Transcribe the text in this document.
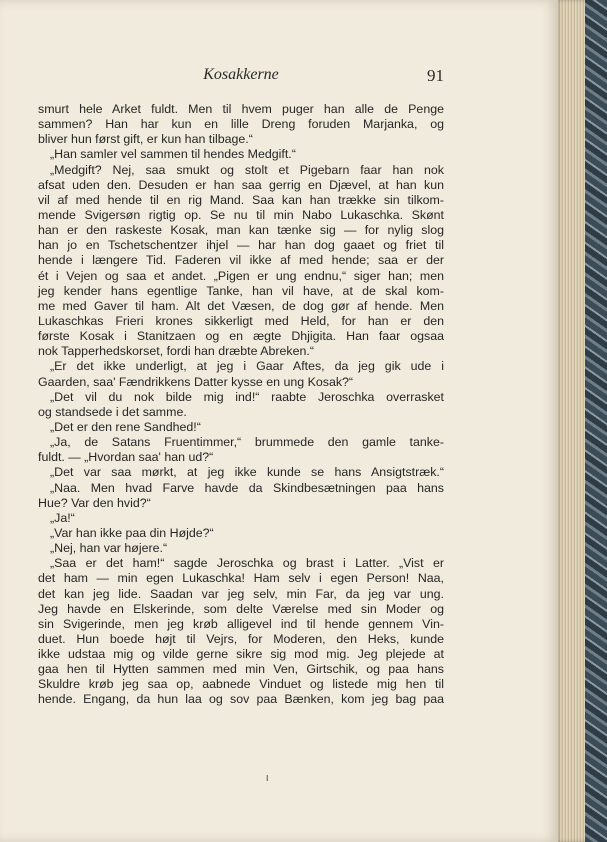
Kosakkerne	91
smurt hele Arket fuldt. Men til hvem puger han alle de Penge
sammen? Han har kun en lille Dreng foruden Marjanka, og
bliver hun først gift, er kun han tilbage.“
„Han samler vel sammen til hendes Medgift.“
„Medgift? Nej, saa smukt og stolt et Pigebarn faar han nok
afsat uden den. Desuden er han saa gerrig en Djævel, at han kun
vil af med hende til en rig Mand. Saa kan han trække sin tilkom-
mende Svigersøn rigtig op. Se nu til min Nabo Lukaschka. Skønt
han er den raskeste Kosak, man kan tænke sig — for nylig slog
han jo en Tschetschentzer ihjel — har han dog gaaet og friet til
hende i længere Tid. Faderen vil ikke af med hende; saa er der
ét i Vejen og saa et andet. „Pigen er ung endnu,“ siger han; men
jeg kender hans egentlige Tanke, han vil have, at de skal kom-
me med Gaver til ham. Alt det Væsen, de dog gør af hende. Men
Lukaschkas Frieri krones sikkerligt med Held, for han er den
første Kosak i Stanitzaen og en ægte Dhjigita. Han faar ogsaa
nok Tapperhedskorset, fordi han dræbte Abreken.“
„Er det ikke underligt, at jeg i Gaar Aftes, da jeg gik ude i
Gaarden, saa' Fændrikkens Datter kysse en ung Kosak?“
„Det vil du nok bilde mig ind!“ raabte Jeroschka overrasket
og standsede i det samme.
„Det er den rene Sandhed!“
„Ja, de Satans Fruentimmer,“ brummede den gamle tanke-
fuldt. — „Hvordan saa' han ud?“
„Det var saa mørkt, at jeg ikke kunde se hans Ansigtstræk.“
„Naa. Men hvad Farve havde da Skindbesætningen paa hans
Hue? Var den hvid?“
„Ja!“
„Var han ikke paa din Højde?“
„Nej, han var højere.“
„Saa er det ham!“ sagde Jeroschka og brast i Latter. „Vist er
det ham — min egen Lukaschka! Ham selv i egen Person! Naa,
det kan jeg lide. Saadan var jeg selv, min Far, da jeg var ung.
Jeg havde en Elskerinde, som delte Værelse med sin Moder og
sin Svigerinde, men jeg krøb alligevel ind til hende gennem Vin-
duet. Hun boede højt til Vejrs, for Moderen, den Heks, kunde
ikke udstaa mig og vilde gerne sikre sig mod mig. Jeg plejede at
gaa hen til Hytten sammen med min Ven, Girtschik, og paa hans
Skuldre krøb jeg saa op, aabnede Vinduet og listede mig hen til
hende. Engang, da hun laa og sov paa Bænken, kom jeg bag paa
ι
